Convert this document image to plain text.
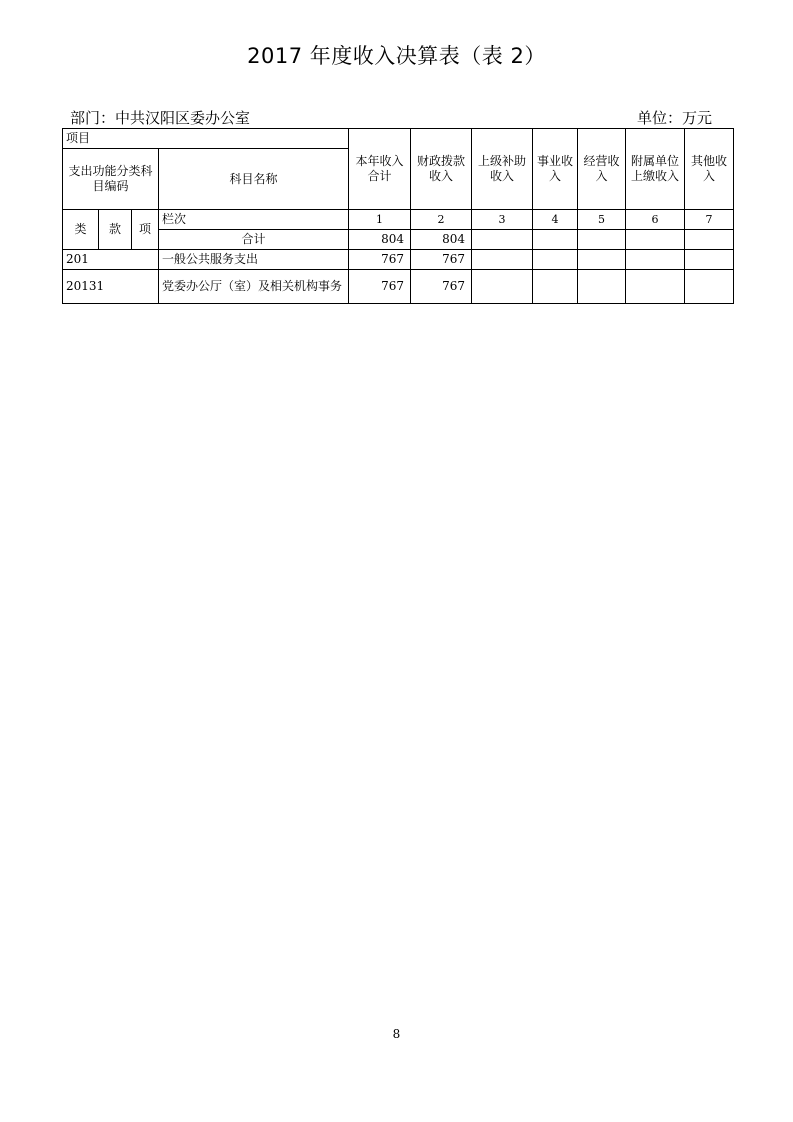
2017 年度收入决算表（表 2）
部门：中共汉阳区委办公室	单位：万元
项目				本年收入合计	财政拨款收入	上级补助收入	事业收入	经营收入	附属单位上缴收入	其他收入
支出功能分类科目编码			科目名称							
类	款	项	栏次	1	2	3	4	5	6	7
			合计	804	804					
201			一般公共服务支出	767	767					
20131			党委办公厅（室）及相关机构事务	767	767					
8
